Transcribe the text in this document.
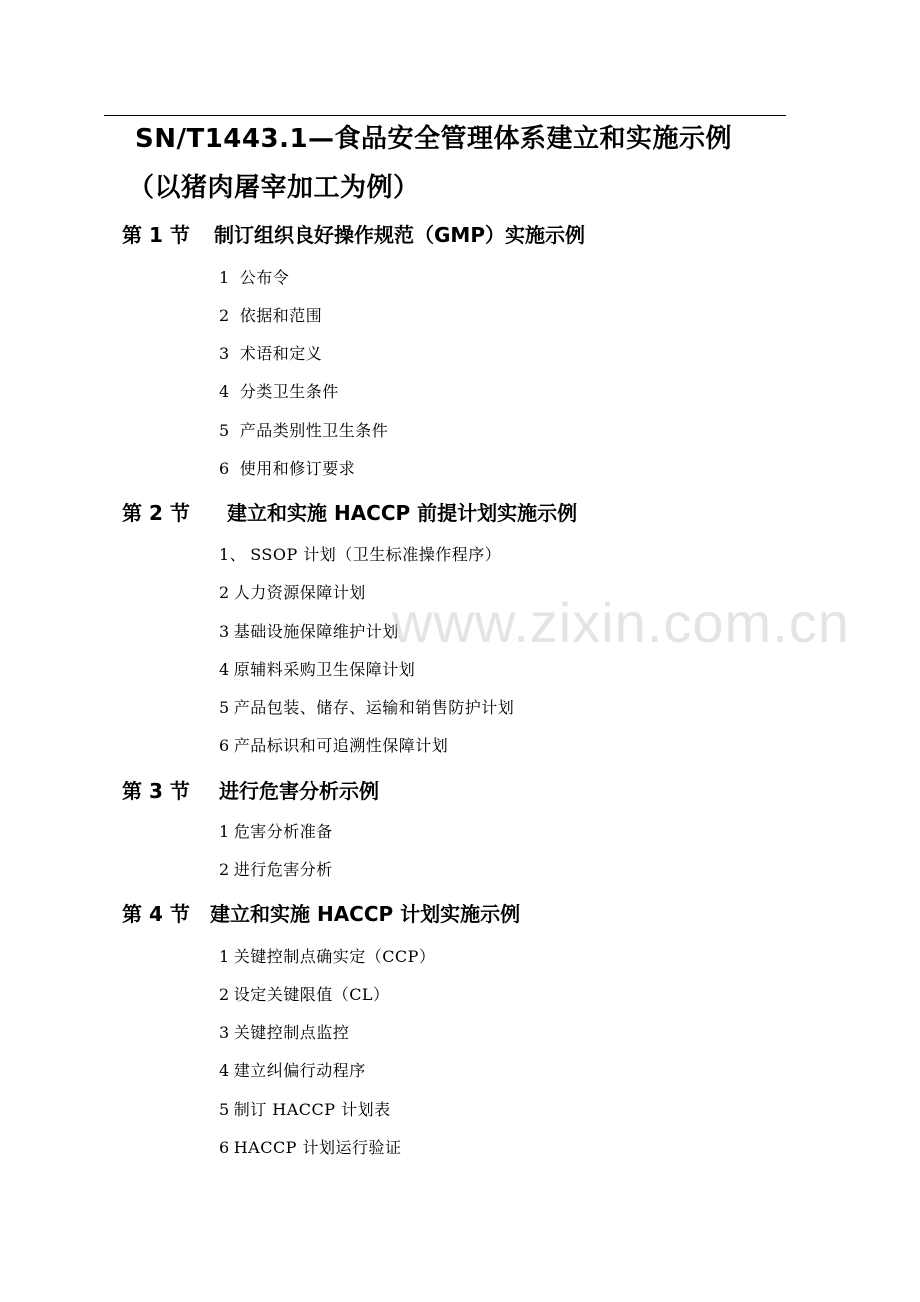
SN/T1443.1—食品安全管理体系建立和实施示例
（以猪肉屠宰加工为例）
第 1 节 制订组织良好操作规范（GMP）实施示例
1 公布令
2 依据和范围
3 术语和定义
4 分类卫生条件
5 产品类别性卫生条件
6 使用和修订要求
第 2 节 建立和实施 HACCP 前提计划实施示例
1、 SSOP 计划（卫生标准操作程序）
2 人力资源保障计划
3 基础设施保障维护计划
4 原辅料采购卫生保障计划
5 产品包装、储存、运输和销售防护计划
6 产品标识和可追溯性保障计划
第 3 节 进行危害分析示例
1 危害分析准备
2 进行危害分析
第 4 节 建立和实施 HACCP 计划实施示例
1 关键控制点确实定（CCP）
2 设定关键限值（CL）
3 关键控制点监控
4 建立纠偏行动程序
5 制订 HACCP 计划表
6 HACCP 计划运行验证
www.zixin.com.cn
